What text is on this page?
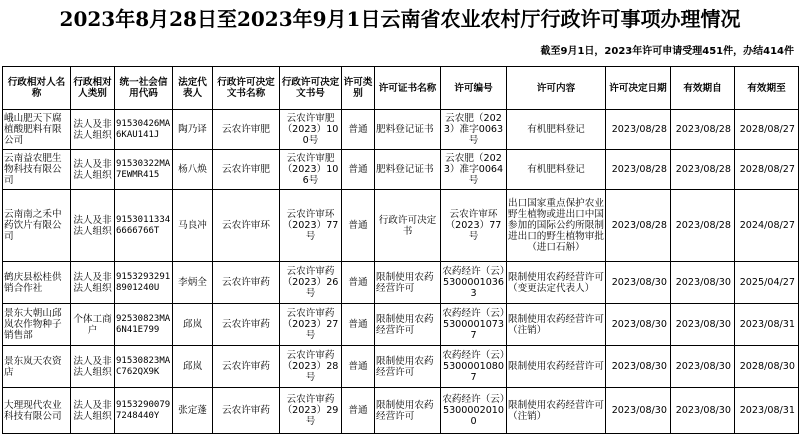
2023年8月28日至2023年9月1日云南省农业农村厅行政许可事项办理情况
截至9月1日，2023年许可申请受理451件，办结414件
行政相对人名称	行政相对人类别	统一社会信用代码	法定代表人	行政许可决定文书名称	行政许可决定文书号	许可类别	许可证书名称	许可编号	许可内容	许可决定日期	有效期自	有效期至
峨山肥天下腐植酸肥料有限公司	法人及非法人组织	91530426MA6KAU141J	陶乃译	云农许审肥	云农许审肥（2023）100号	普通	肥料登记证书	云农肥（2023）准字0063号	有机肥料登记	2023/08/28	2023/08/28	2028/08/27
云南益农肥生物科技有限公司	法人及非法人组织	91530322MA7EWMR415	杨八焕	云农许审肥	云农许审肥（2023）106号	普通	肥料登记证书	云农肥（2023）准字0064号	有机肥料登记	2023/08/28	2023/08/28	2028/08/27
云南南之禾中药饮片有限公司	法人及非法人组织	91530113346666766T	马良冲	云农许审环	云农许审环（2023）77号	普通	行政许可决定书	云农许审环（2023）77号	出口国家重点保护农业野生植物或进出口中国参加的国际公约所限制进出口的野生植物审批（进口石斛）	2023/08/28	2023/08/28	2024/08/27
鹤庆县松桂供销合作社	法人及非法人组织	91532932918901240U	李炳全	云农许审药	云农许审药（2023）26号	普通	限制使用农药经营许可	农药经许（云）53000010363	限制使用农药经营许可（变更法定代表人）	2023/08/30	2023/08/30	2025/04/27
景东大朝山邱岚农作物种子销售部	个体工商户	92530823MA6N41E799	邱岚	云农许审药	云农许审药（2023）27号	普通	限制使用农药经营许可	农药经许（云）53000010737	限制使用农药经营许可（注销）	2023/08/30	2023/08/30	2023/08/31
景东岚天农资店	法人及非法人组织	91530823MAC762QX9K	邱岚	云农许审药	云农许审药（2023）28号	普通	限制使用农药经营许可	农药经许（云）53000010807	限制使用农药经营许可	2023/08/30	2023/08/30	2028/08/30
大理现代农业科技有限公司	法人及非法人组织	91532900797248440Y	张定蓬	云农许审药	云农许审药（2023）29号	普通	限制使用农药经营许可	农药经许（云）53000020100	限制使用农药经营许可（注销）	2023/08/30	2023/08/30	2023/08/31
